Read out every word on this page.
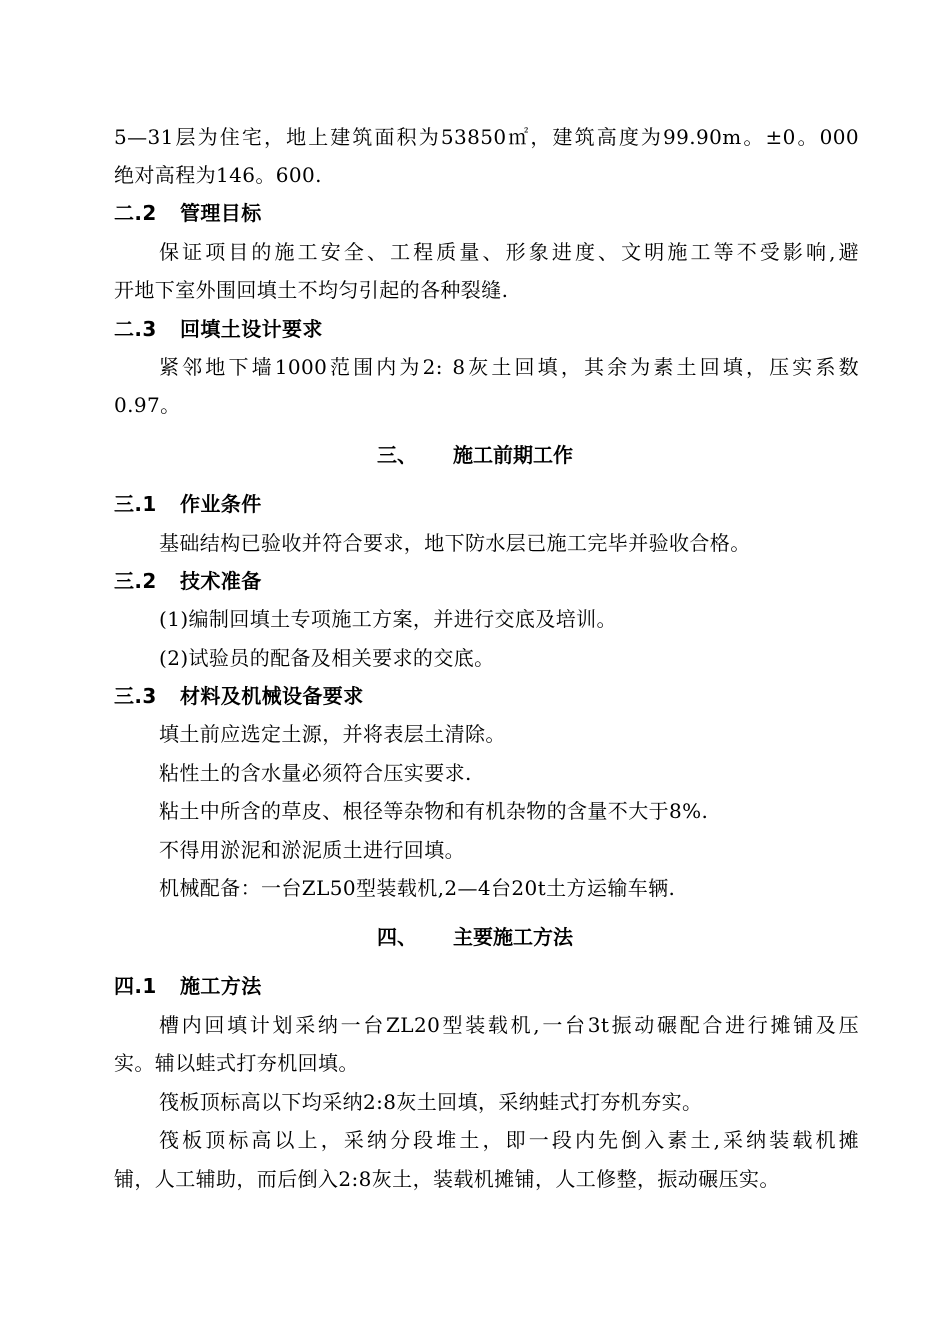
5—31层为住宅，地上建筑面积为53850㎡，建筑高度为99.90m。±0。000
绝对高程为146。600.
二.2 管理目标
保证项目的施工安全、工程质量、形象进度、文明施工等不受影响,避
开地下室外围回填土不均匀引起的各种裂缝.
二.3 回填土设计要求
紧邻地下墙1000范围内为2: 8灰土回填，其余为素土回填，压实系数
0.97。
三、 施工前期工作
三.1 作业条件
基础结构已验收并符合要求，地下防水层已施工完毕并验收合格。
三.2 技术准备
(1)编制回填土专项施工方案，并进行交底及培训。
(2)试验员的配备及相关要求的交底。
三.3 材料及机械设备要求
填土前应选定土源，并将表层土清除。
粘性土的含水量必须符合压实要求.
粘土中所含的草皮、根径等杂物和有机杂物的含量不大于8%.
不得用淤泥和淤泥质土进行回填。
机械配备：一台ZL50型装载机,2—4台20t土方运输车辆.
四、 主要施工方法
四.1 施工方法
槽内回填计划采纳一台ZL20型装载机,一台3t振动碾配合进行摊铺及压
实。辅以蛙式打夯机回填。
筏板顶标高以下均采纳2:8灰土回填，采纳蛙式打夯机夯实。
筏板顶标高以上，采纳分段堆土，即一段内先倒入素土,采纳装载机摊
铺，人工辅助，而后倒入2:8灰土，装载机摊铺，人工修整，振动碾压实。
